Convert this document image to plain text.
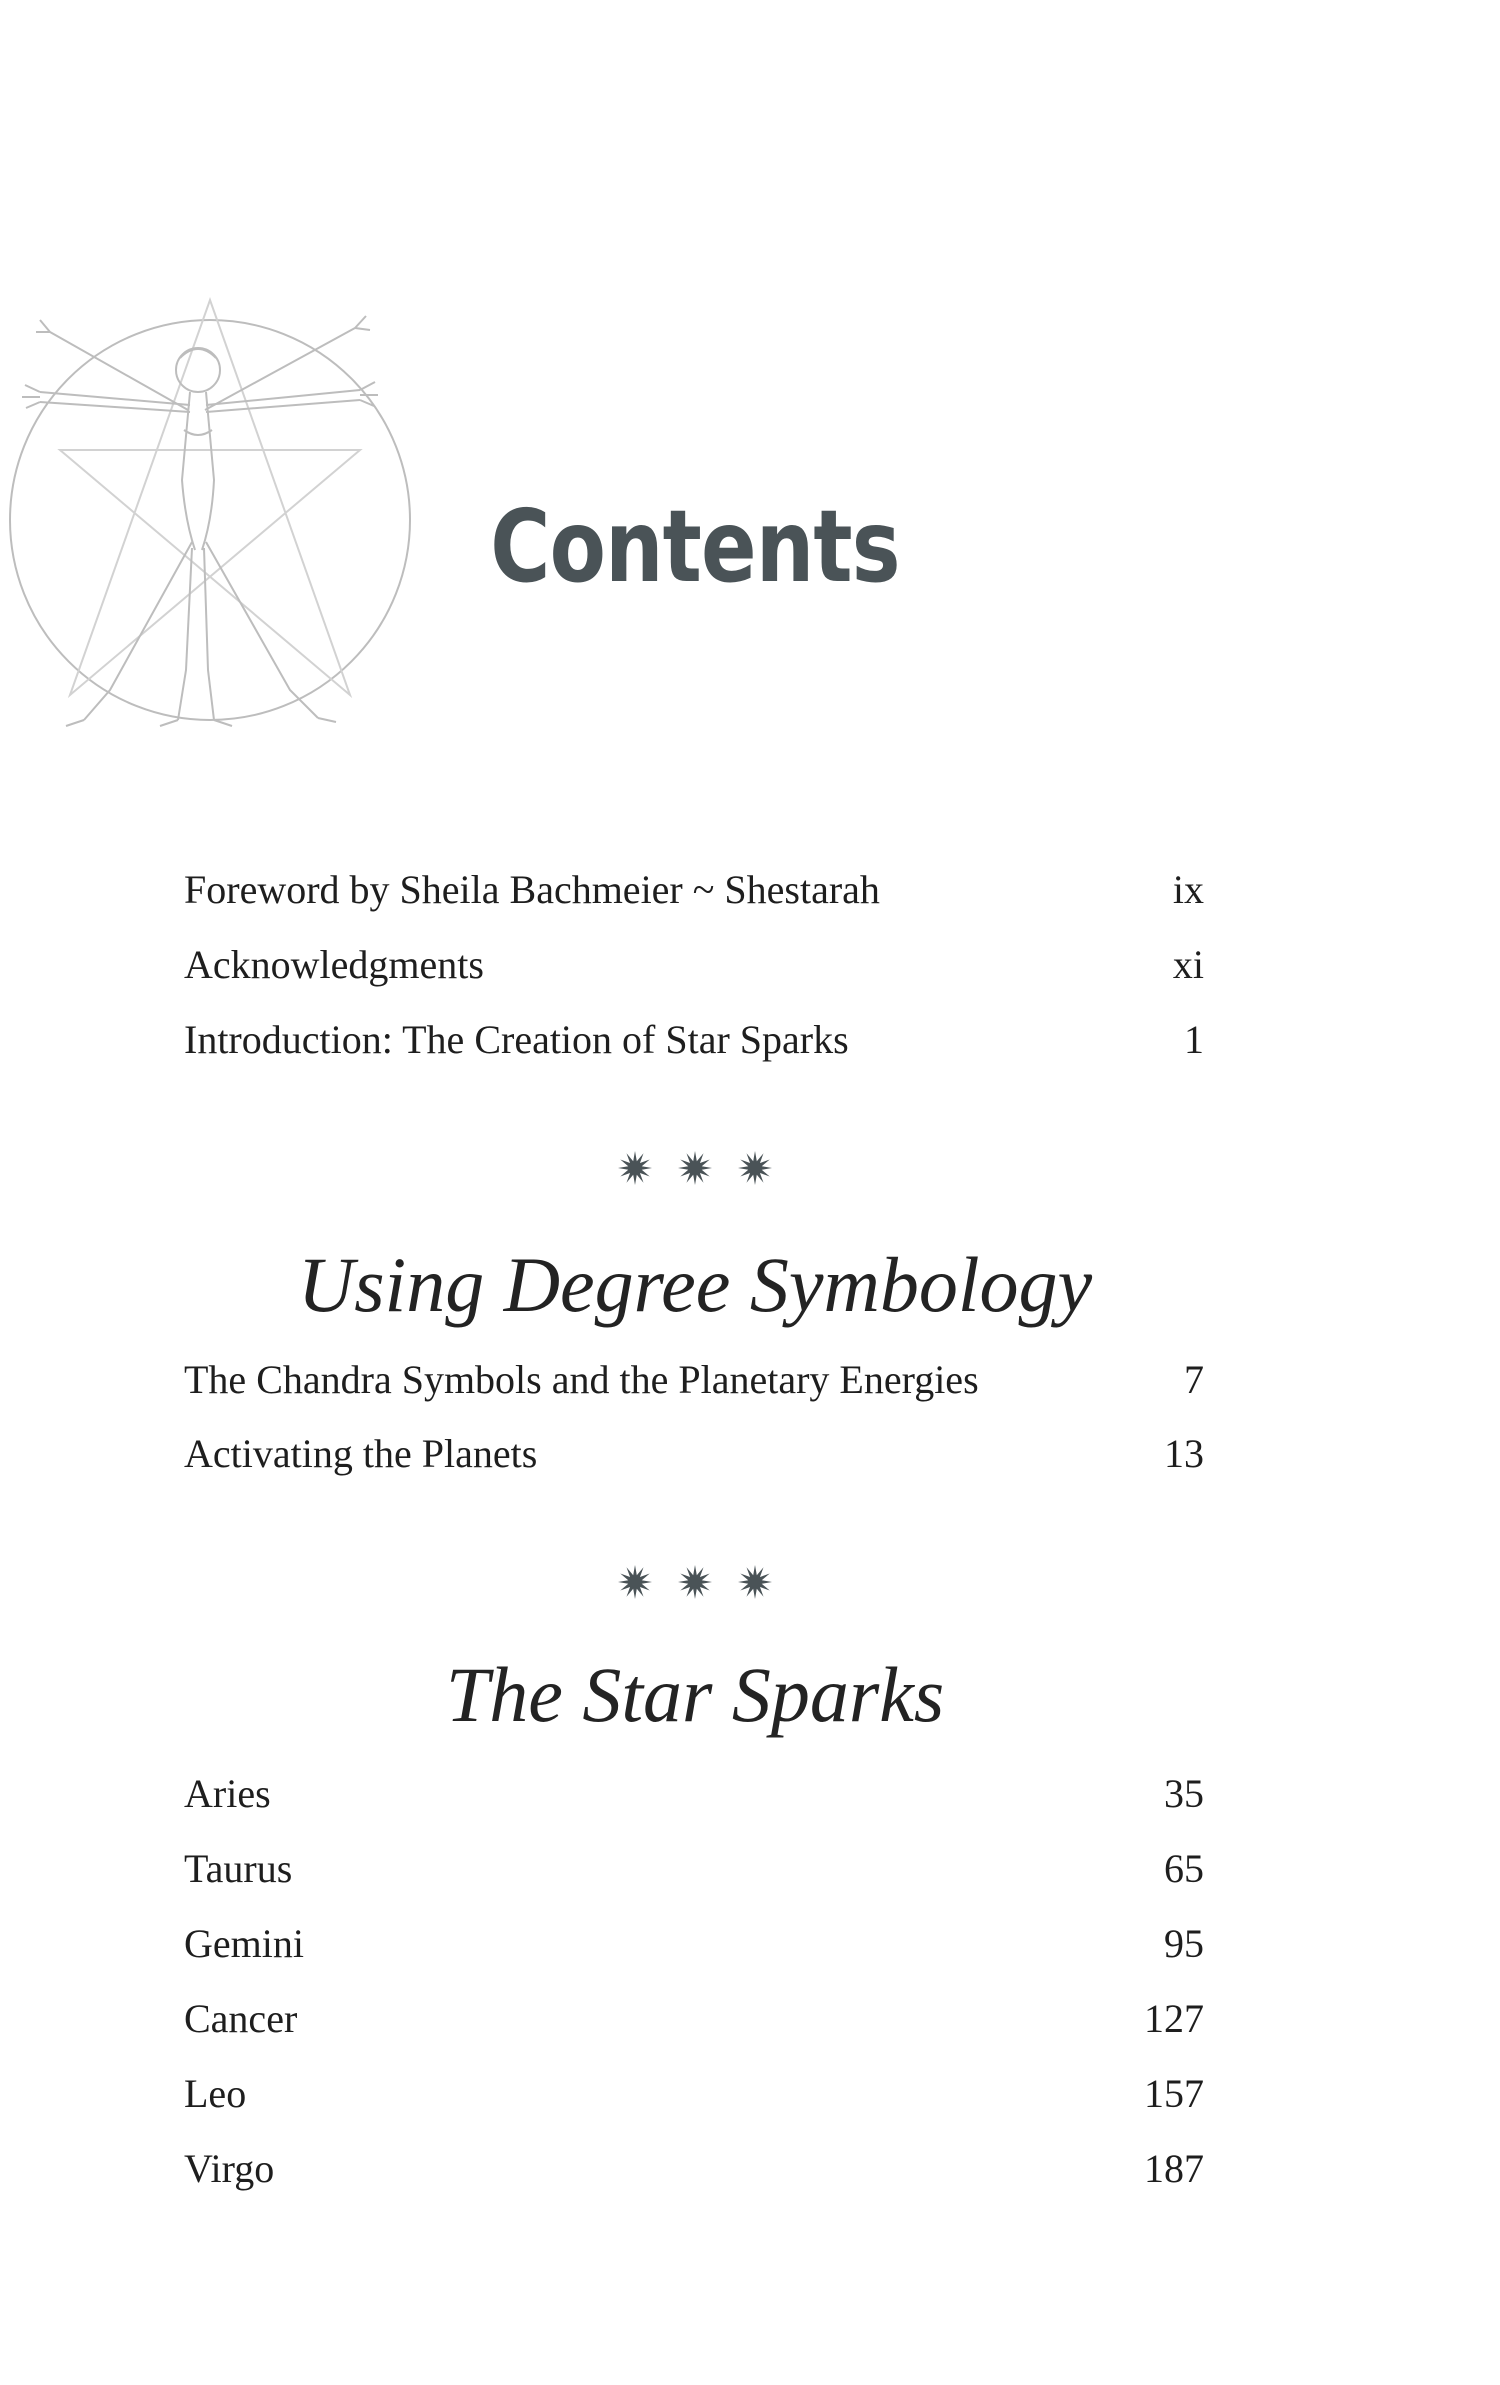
Contents
Foreword by Sheila Bachmeier ~ Shestarah	ix
Acknowledgments	xi
Introduction: The Creation of Star Sparks	1
Using Degree Symbology
The Chandra Symbols and the Planetary Energies	7
Activating the Planets	13
The Star Sparks
Aries	35
Taurus	65
Gemini	95
Cancer	127
Leo	157
Virgo	187
